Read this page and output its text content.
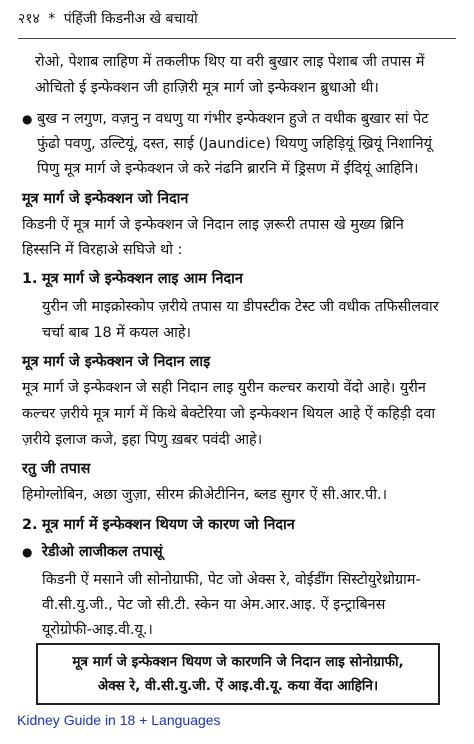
२१४ * पंहिंजी किडनीअ खे बचायो
रोओ, पेशाब लाहिण में तकलीफ थिए या वरी बुखार लाइ पेशाब जी तपास में
ओचितो ई इन्फेक्शन जी हाज़िरी मूत्र मार्ग जो इन्फेक्शन ब्रुधाओ थी।
● बुख न लगुण, वज़नु न वधणु या गंभीर इन्फेक्शन हुजे त वधीक बुखार सां पेट
फुंढो पवणु, उल्टियूं, दस्त, साई (Jaundice) थियणु जहिड़ियूं ख्रियूं निशानियूं
पिणु मूत्र मार्ग जे इन्फेक्शन जे करे नंढनि ब्रारनि में ड्रिसण में ईंदियूं आहिनि।
मूत्र मार्ग जे इन्फेक्शन जो निदान
किडनी ऐं मूत्र मार्ग जे इन्फेक्शन जे निदान लाइ ज़रूरी तपास खे मुख्य ब्रिनि
हिस्सनि में विरहाअे सघिजे थो :
1. मूत्र मार्ग जे इन्फेक्शन लाइ आम निदान
युरीन जी माइक्रोस्कोप ज़रीये तपास या डीपस्टीक टेस्ट जी वधीक तफिसीलवार
चर्चा बाब 18 में कयल आहे।
मूत्र मार्ग जे इन्फेक्शन जे निदान लाइ
मूत्र मार्ग जे इन्फेक्शन जे सही निदान लाइ युरीन कल्चर करायो वेंदो आहे। युरीन
कल्चर ज़रीये मूत्र मार्ग में किथे बेक्टेरिया जो इन्फेक्शन थियल आहे ऐं कहिड़ी दवा
ज़रीये इलाज कजे, इहा पिणु ख़बर पवंदी आहे।
रतु जी तपास
हिमोग्लोबिन, अछा जुज़ा, सीरम क्रीअेटीनिन, ब्लड सुगर ऐं सी.आर.पी.।
2. मूत्र मार्ग में इन्फेक्शन थियण जे कारण जो निदान
● रेडीओ लाजीकल तपासूं
किडनी ऐं मसाने जी सोनोग्राफी, पेट जो अेक्स रे, वोईडींग सिस्टोयुरेथ्रोग्राम-
वी.सी.यु.जी., पेट जो सी.टी. स्केन या अेम.आर.आइ. ऐं इन्ट्राबिनस
यूरोग्रोफी-आइ.वी.यू.।
मूत्र मार्ग जे इन्फेक्शन थियण जे कारणनि जे निदान लाइ सोनोग्राफी,
अेक्स रे, वी.सी.यु.जी. ऐं आइ.वी.यू. कया वेंदा आहिनि।
Kidney Guide in 18 + Languages
